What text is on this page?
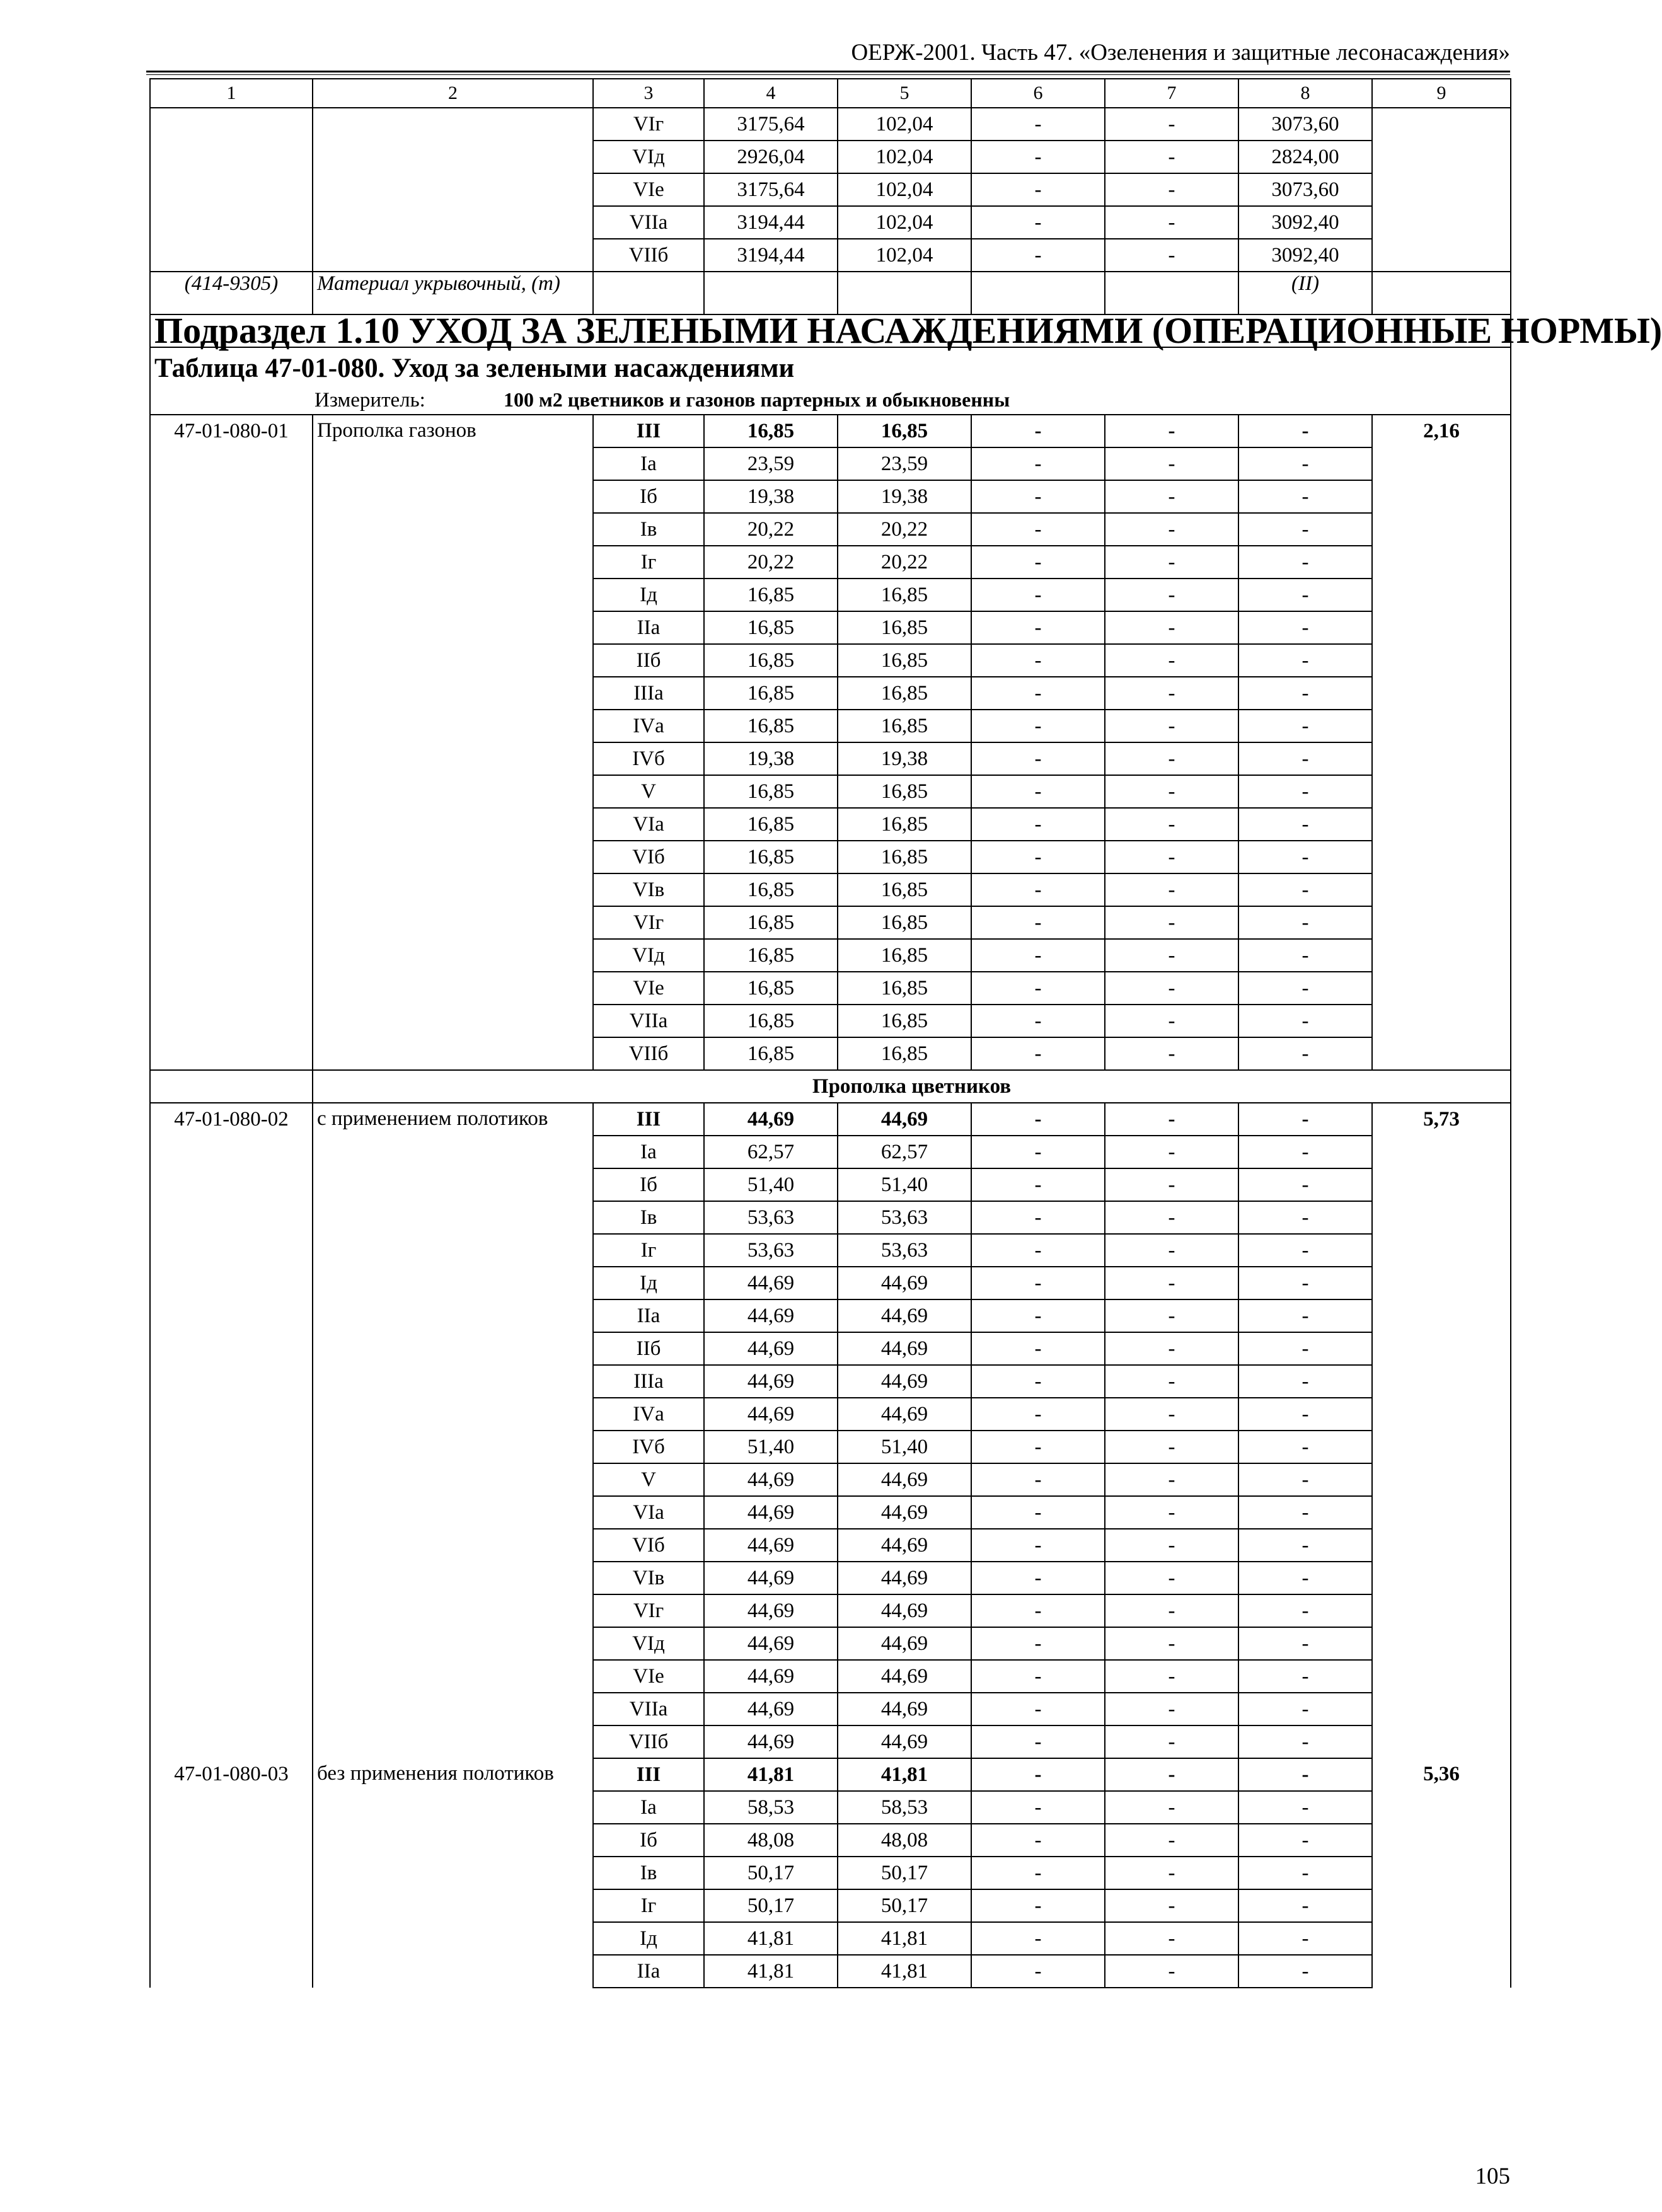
ОЕРЖ-2001. Часть 47. «Озеленения и защитные лесонасаждения»
1	2	3	4	5	6	7	8	9
		VIг	3175,64	102,04	-	-	3073,60	
		VIд	2926,04	102,04	-	-	2824,00	
		VIе	3175,64	102,04	-	-	3073,60	
		VIIа	3194,44	102,04	-	-	3092,40	
		VIIб	3194,44	102,04	-	-	3092,40	
(414-9305)	Материал укрывочный, (т)						(II)	
Подраздел 1.10 УХОД ЗА ЗЕЛЕНЫМИ НАСАЖДЕНИЯМИ (ОПЕРАЦИОННЫЕ НОРМЫ)								

Таблица 47-01-080. Уход за зелеными насаждениями
Измеритель: 100 м2 цветников и газонов партерных и обыкновенны								

47-01-080-01	Прополка газонов	III	16,85	16,85	-	-	-	2,16
		Iа	23,59	23,59	-	-	-	
		Iб	19,38	19,38	-	-	-	
		Iв	20,22	20,22	-	-	-	
		Iг	20,22	20,22	-	-	-	
		Iд	16,85	16,85	-	-	-	
		IIа	16,85	16,85	-	-	-	
		IIб	16,85	16,85	-	-	-	
		IIIа	16,85	16,85	-	-	-	
		IVа	16,85	16,85	-	-	-	
		IVб	19,38	19,38	-	-	-	
		V	16,85	16,85	-	-	-	
		VIа	16,85	16,85	-	-	-	
		VIб	16,85	16,85	-	-	-	
		VIв	16,85	16,85	-	-	-	
		VIг	16,85	16,85	-	-	-	
		VIд	16,85	16,85	-	-	-	
		VIе	16,85	16,85	-	-	-	
		VIIа	16,85	16,85	-	-	-	
		VIIб	16,85	16,85	-	-	-	
	Прополка цветников							
47-01-080-02	с применением полотиков	III	44,69	44,69	-	-	-	5,73
		Iа	62,57	62,57	-	-	-	
		Iб	51,40	51,40	-	-	-	
		Iв	53,63	53,63	-	-	-	
		Iг	53,63	53,63	-	-	-	
		Iд	44,69	44,69	-	-	-	
		IIа	44,69	44,69	-	-	-	
		IIб	44,69	44,69	-	-	-	
		IIIа	44,69	44,69	-	-	-	
		IVа	44,69	44,69	-	-	-	
		IVб	51,40	51,40	-	-	-	
		V	44,69	44,69	-	-	-	
		VIа	44,69	44,69	-	-	-	
		VIб	44,69	44,69	-	-	-	
		VIв	44,69	44,69	-	-	-	
		VIг	44,69	44,69	-	-	-	
		VIд	44,69	44,69	-	-	-	
		VIе	44,69	44,69	-	-	-	
		VIIа	44,69	44,69	-	-	-	
		VIIб	44,69	44,69	-	-	-	
47-01-080-03	без применения полотиков	III	41,81	41,81	-	-	-	5,36
		Iа	58,53	58,53	-	-	-	
		Iб	48,08	48,08	-	-	-	
		Iв	50,17	50,17	-	-	-	
		Iг	50,17	50,17	-	-	-	
		Iд	41,81	41,81	-	-	-	
		IIа	41,81	41,81	-	-	-	
105
